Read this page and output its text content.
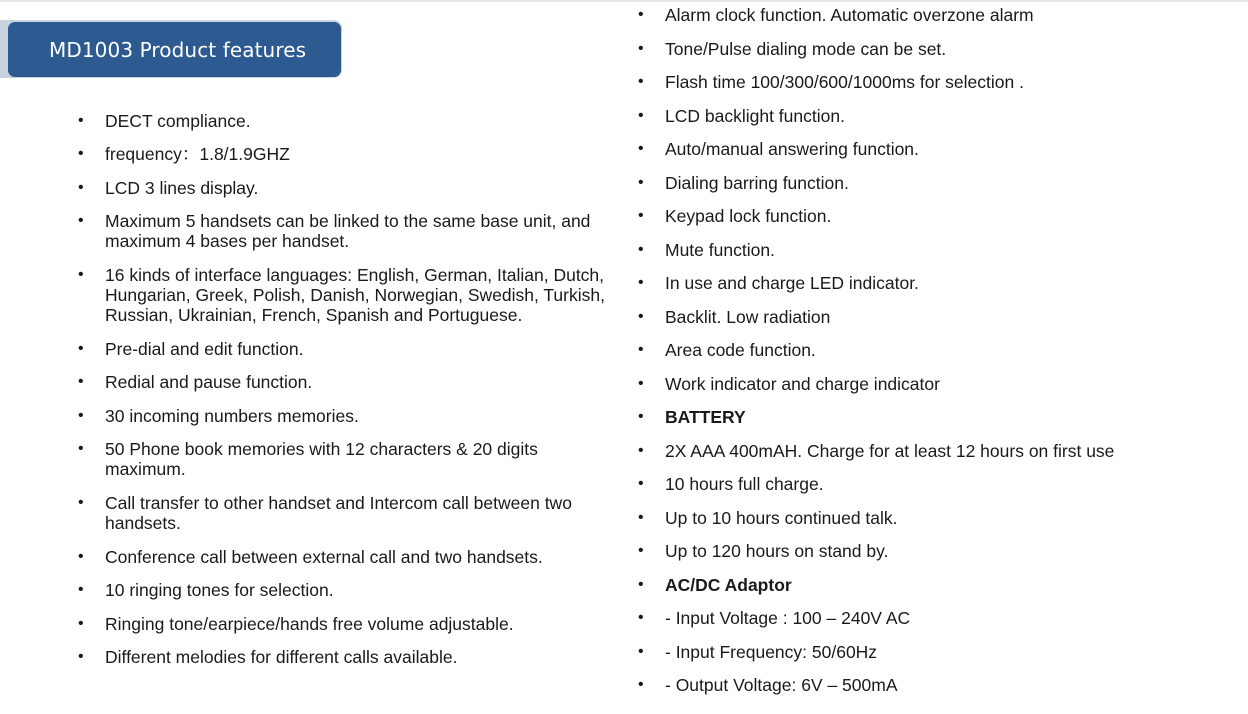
MD1003 Product features
•	DECT compliance.
•	frequency：1.8/1.9GHZ
•	LCD 3 lines display.
•	Maximum 5 handsets can be linked to the same base unit, and maximum 4 bases per handset.
•	16 kinds of interface languages: English, German, Italian, Dutch, Hungarian, Greek, Polish, Danish, Norwegian, Swedish, Turkish, Russian, Ukrainian, French, Spanish and Portuguese.
•	Pre-dial and edit function.
•	Redial and pause function.
•	30 incoming numbers memories.
•	50 Phone book memories with 12 characters & 20 digits maximum.
•	Call transfer to other handset and Intercom call between two handsets.
•	Conference call between external call and two handsets.
•	10 ringing tones for selection.
•	Ringing tone/earpiece/hands free volume adjustable.
•	Different melodies for different calls available.
•	Alarm clock function. Automatic overzone alarm
•	Tone/Pulse dialing mode can be set.
•	Flash time 100/300/600/1000ms for selection .
•	LCD backlight function.
•	Auto/manual answering function.
•	Dialing barring function.
•	Keypad lock function.
•	Mute function.
•	In use and charge LED indicator.
•	Backlit. Low radiation
•	Area code function.
•	Work indicator and charge indicator
•	BATTERY
•	2X AAA 400mAH. Charge for at least 12 hours on first use
•	10 hours full charge.
•	Up to 10 hours continued talk.
•	Up to 120 hours on stand by.
•	AC/DC Adaptor
•	- Input Voltage : 100 – 240V AC
•	- Input Frequency: 50/60Hz
•	- Output Voltage: 6V – 500mA
